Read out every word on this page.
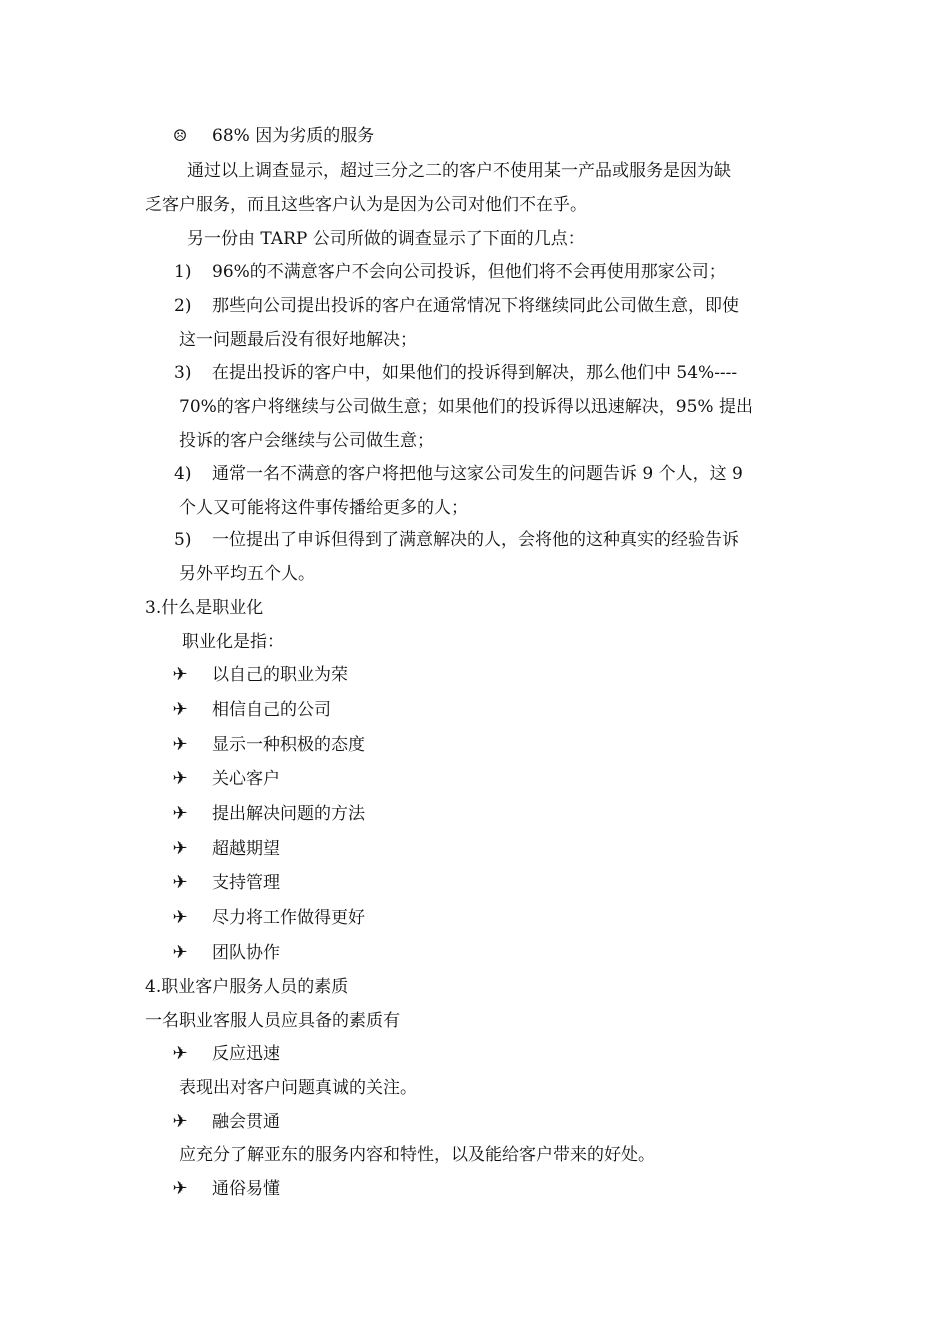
☹ 68% 因为劣质的服务
通过以上调查显示，超过三分之二的客户不使用某一产品或服务是因为缺
乏客户服务，而且这些客户认为是因为公司对他们不在乎。
另一份由 TARP 公司所做的调查显示了下面的几点：
1) 96%的不满意客户不会向公司投诉，但他们将不会再使用那家公司；
2) 那些向公司提出投诉的客户在通常情况下将继续同此公司做生意，即使
这一问题最后没有很好地解决；
3) 在提出投诉的客户中，如果他们的投诉得到解决，那么他们中 54%----
70%的客户将继续与公司做生意；如果他们的投诉得以迅速解决，95% 提出
投诉的客户会继续与公司做生意；
4) 通常一名不满意的客户将把他与这家公司发生的问题告诉 9 个人，这 9
个人又可能将这件事传播给更多的人；
5) 一位提出了申诉但得到了满意解决的人，会将他的这种真实的经验告诉
另外平均五个人。
3.什么是职业化
职业化是指：
✈ 以自己的职业为荣
✈ 相信自己的公司
✈ 显示一种积极的态度
✈ 关心客户
✈ 提出解决问题的方法
✈ 超越期望
✈ 支持管理
✈ 尽力将工作做得更好
✈ 团队协作
4.职业客户服务人员的素质
一名职业客服人员应具备的素质有
✈ 反应迅速
表现出对客户问题真诚的关注。
✈ 融会贯通
应充分了解亚东的服务内容和特性，以及能给客户带来的好处。
✈ 通俗易懂
